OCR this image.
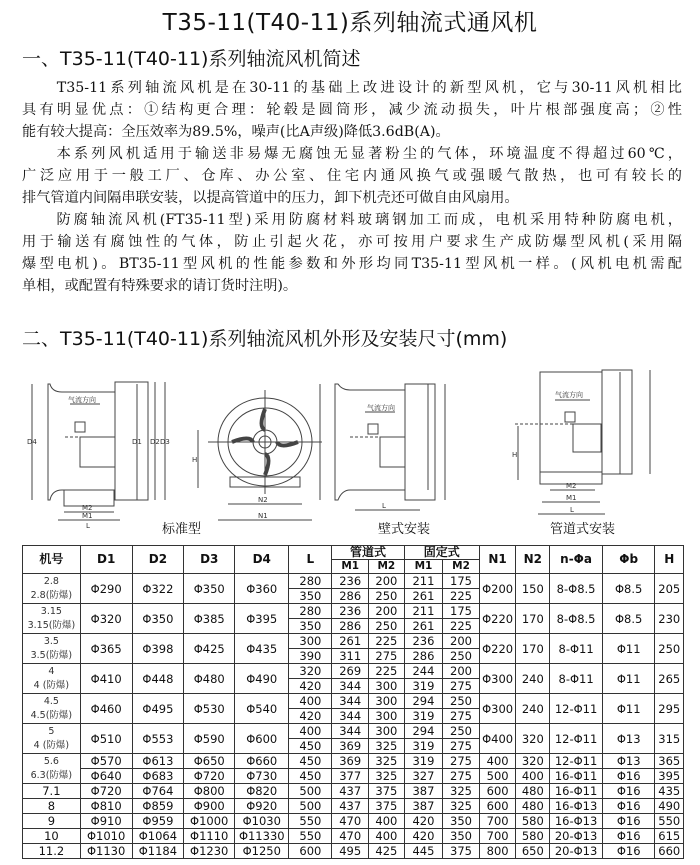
T35-11(T40-11)系列轴流式通风机
一、T35-11(T40-11)系列轴流风机简述
　　T35-11系列轴流风机是在30-11的基础上改进设计的新型风机，它与30-11风机相比
具有明显优点：①结构更合理：轮毂是圆筒形，减少流动损失，叶片根部强度高；②性
能有较大提高：全压效率为89.5%，噪声(比A声级)降低3.6dB(A)。
　　本系列风机适用于输送非易爆无腐蚀无显著粉尘的气体，环境温度不得超过60℃，
广泛应用于一般工厂、仓库、办公室、住宅内通风换气或强暖气散热，也可有较长的
排气管道内间隔串联安装，以提高管道中的压力，卸下机壳还可做自由风扇用。
　　防腐轴流风机(FT35-11型)采用防腐材料玻璃钢加工而成，电机采用特种防腐电机，
用于输送有腐蚀性的气体，防止引起火花，亦可按用户要求生产成防爆型风机(采用隔
爆型电机)。BT35-11型风机的性能参数和外形均同T35-11型风机一样。(风机电机需配
单相，或配置有特殊要求的请订货时注明)。
二、T35-11(T40-11)系列轴流风机外形及安装尺寸(mm)
气流方向
气流方向
气流方向
M2
M1
L
D4	D1 D2 D3
N2
N1
H
L
M2
M1
L
H
标准型	壁式安装	管道式安装
机号	D1	D2	D3	D4	L	管道式		固定式		N1	N2	n-Φa	Φb	H
						M1	M2	M1	M2					

2.8
2.8(防爆)	Φ290	Φ322	Φ350	Φ360	280	236	200	211	175	Φ200	150	8-Φ8.5	Φ8.5	205
					350	286	250	261	225					

3.15
3.15(防爆)	Φ320	Φ350	Φ385	Φ395	280	236	200	211	175	Φ220	170	8-Φ8.5	Φ8.5	230
					350	286	250	261	225					

3.5
3.5(防爆)	Φ365	Φ398	Φ425	Φ435	300	261	225	236	200	Φ220	170	8-Φ11	Φ11	250
					390	311	275	286	250					

4
4 (防爆)	Φ410	Φ448	Φ480	Φ490	320	269	225	244	200	Φ300	240	8-Φ11	Φ11	265
					420	344	300	319	275					

4.5
4.5(防爆)	Φ460	Φ495	Φ530	Φ540	400	344	300	294	250	Φ300	240	12-Φ11	Φ11	295
					420	344	300	319	275					

5
4 (防爆)	Φ510	Φ553	Φ590	Φ600	400	344	300	294	250	Φ400	320	12-Φ11	Φ13	315
					450	369	325	319	275					

5.6
6.3(防爆)	Φ570	Φ613	Φ650	Φ660	450	369	325	319	275	400	320	12-Φ11	Φ13	365
	Φ640	Φ683	Φ720	Φ730	450	377	325	327	275	500	400	16-Φ11	Φ16	395
7.1	Φ720	Φ764	Φ800	Φ820	500	437	375	387	325	600	480	16-Φ11	Φ16	435
8	Φ810	Φ859	Φ900	Φ920	500	437	375	387	325	600	480	16-Φ13	Φ16	490
9	Φ910	Φ959	Φ1000	Φ1030	550	470	400	420	350	700	580	16-Φ13	Φ16	550
10	Φ1010	Φ1064	Φ1110	Φ11330	550	470	400	420	350	700	580	20-Φ13	Φ16	615
11.2	Φ1130	Φ1184	Φ1230	Φ1250	600	495	425	445	375	800	650	20-Φ13	Φ16	660
